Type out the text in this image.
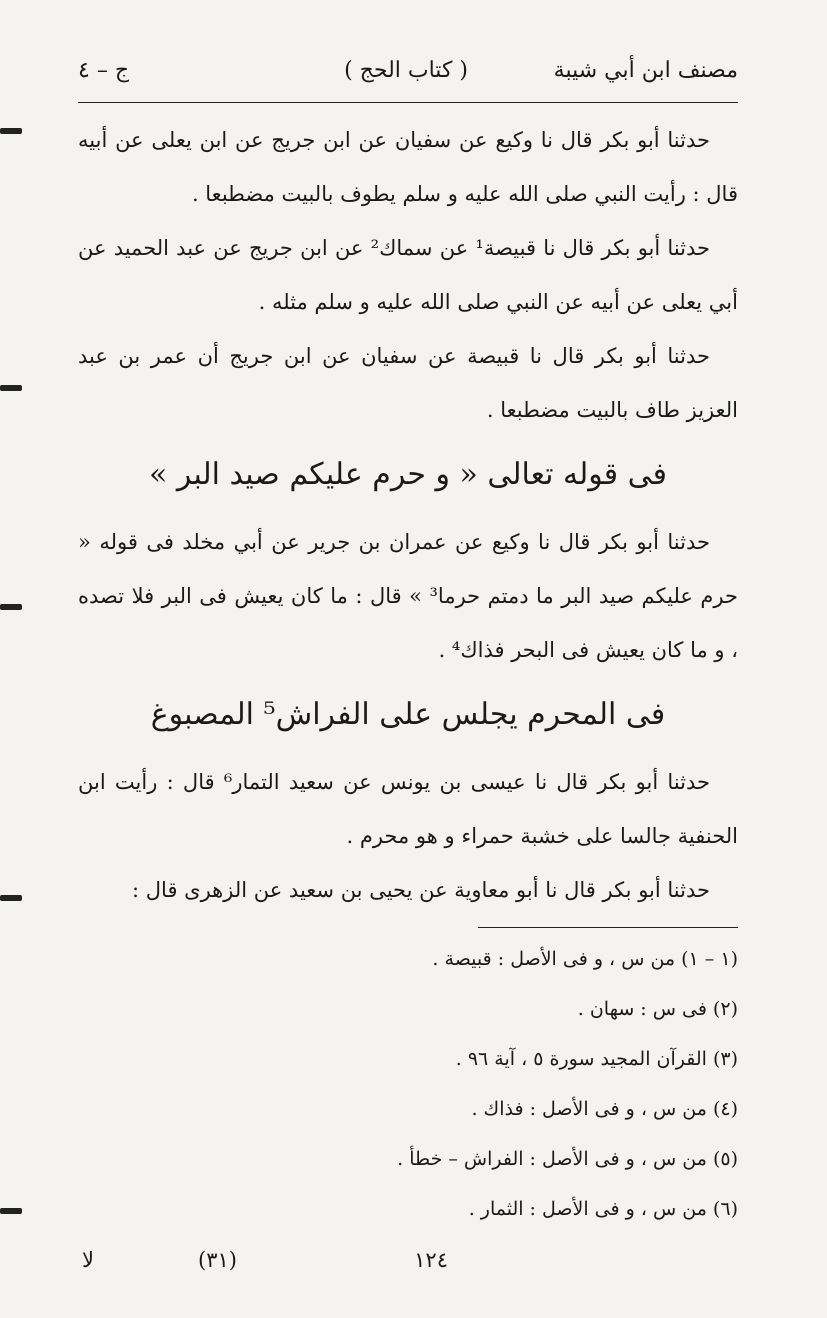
مصنف ابن أبي شيبة
( كتاب الحج )
ج – ٤

حدثنا أبو بكر قال نا وكيع عن سفيان عن ابن جريج عن ابن يعلى عن أبيه قال : رأيت النبي صلى الله عليه و سلم يطوف بالبيت مضطبعا .

حدثنا أبو بكر قال نا قبيصة¹ عن سماك² عن ابن جريج عن عبد الحميد عن أبي يعلى عن أبيه عن النبي صلى الله عليه و سلم مثله .

حدثنا أبو بكر قال نا قبيصة عن سفيان عن ابن جريج أن عمر بن عبد العزيز طاف بالبيت مضطبعا .

فى قوله تعالى « و حرم عليكم صيد البر »

حدثنا أبو بكر قال نا وكيع عن عمران بن جرير عن أبي مخلد فى قوله « حرم عليكم صيد البر ما دمتم حرما³ » قال : ما كان يعيش فى البر فلا تصده ، و ما كان يعيش فى البحر فذاك⁴ .

فى المحرم يجلس على الفراش⁵ المصبوغ

حدثنا أبو بكر قال نا عيسى بن يونس عن سعيد التمار⁶ قال : رأيت ابن الحنفية جالسا على خشبة حمراء و هو محرم .

حدثنا أبو بكر قال نا أبو معاوية عن يحيى بن سعيد عن الزهرى قال :

(١ – ١) من س ، و فى الأصل : قبيصة .

(٢) فى س : سهان .

(٣) القرآن المجيد سورة ٥ ، آية ٩٦ .

(٤) من س ، و فى الأصل : فذاك .

(٥) من س ، و فى الأصل : الفراش – خطأ .

(٦) من س ، و فى الأصل : الثمار .

١٢٤
(٣١)
لا
